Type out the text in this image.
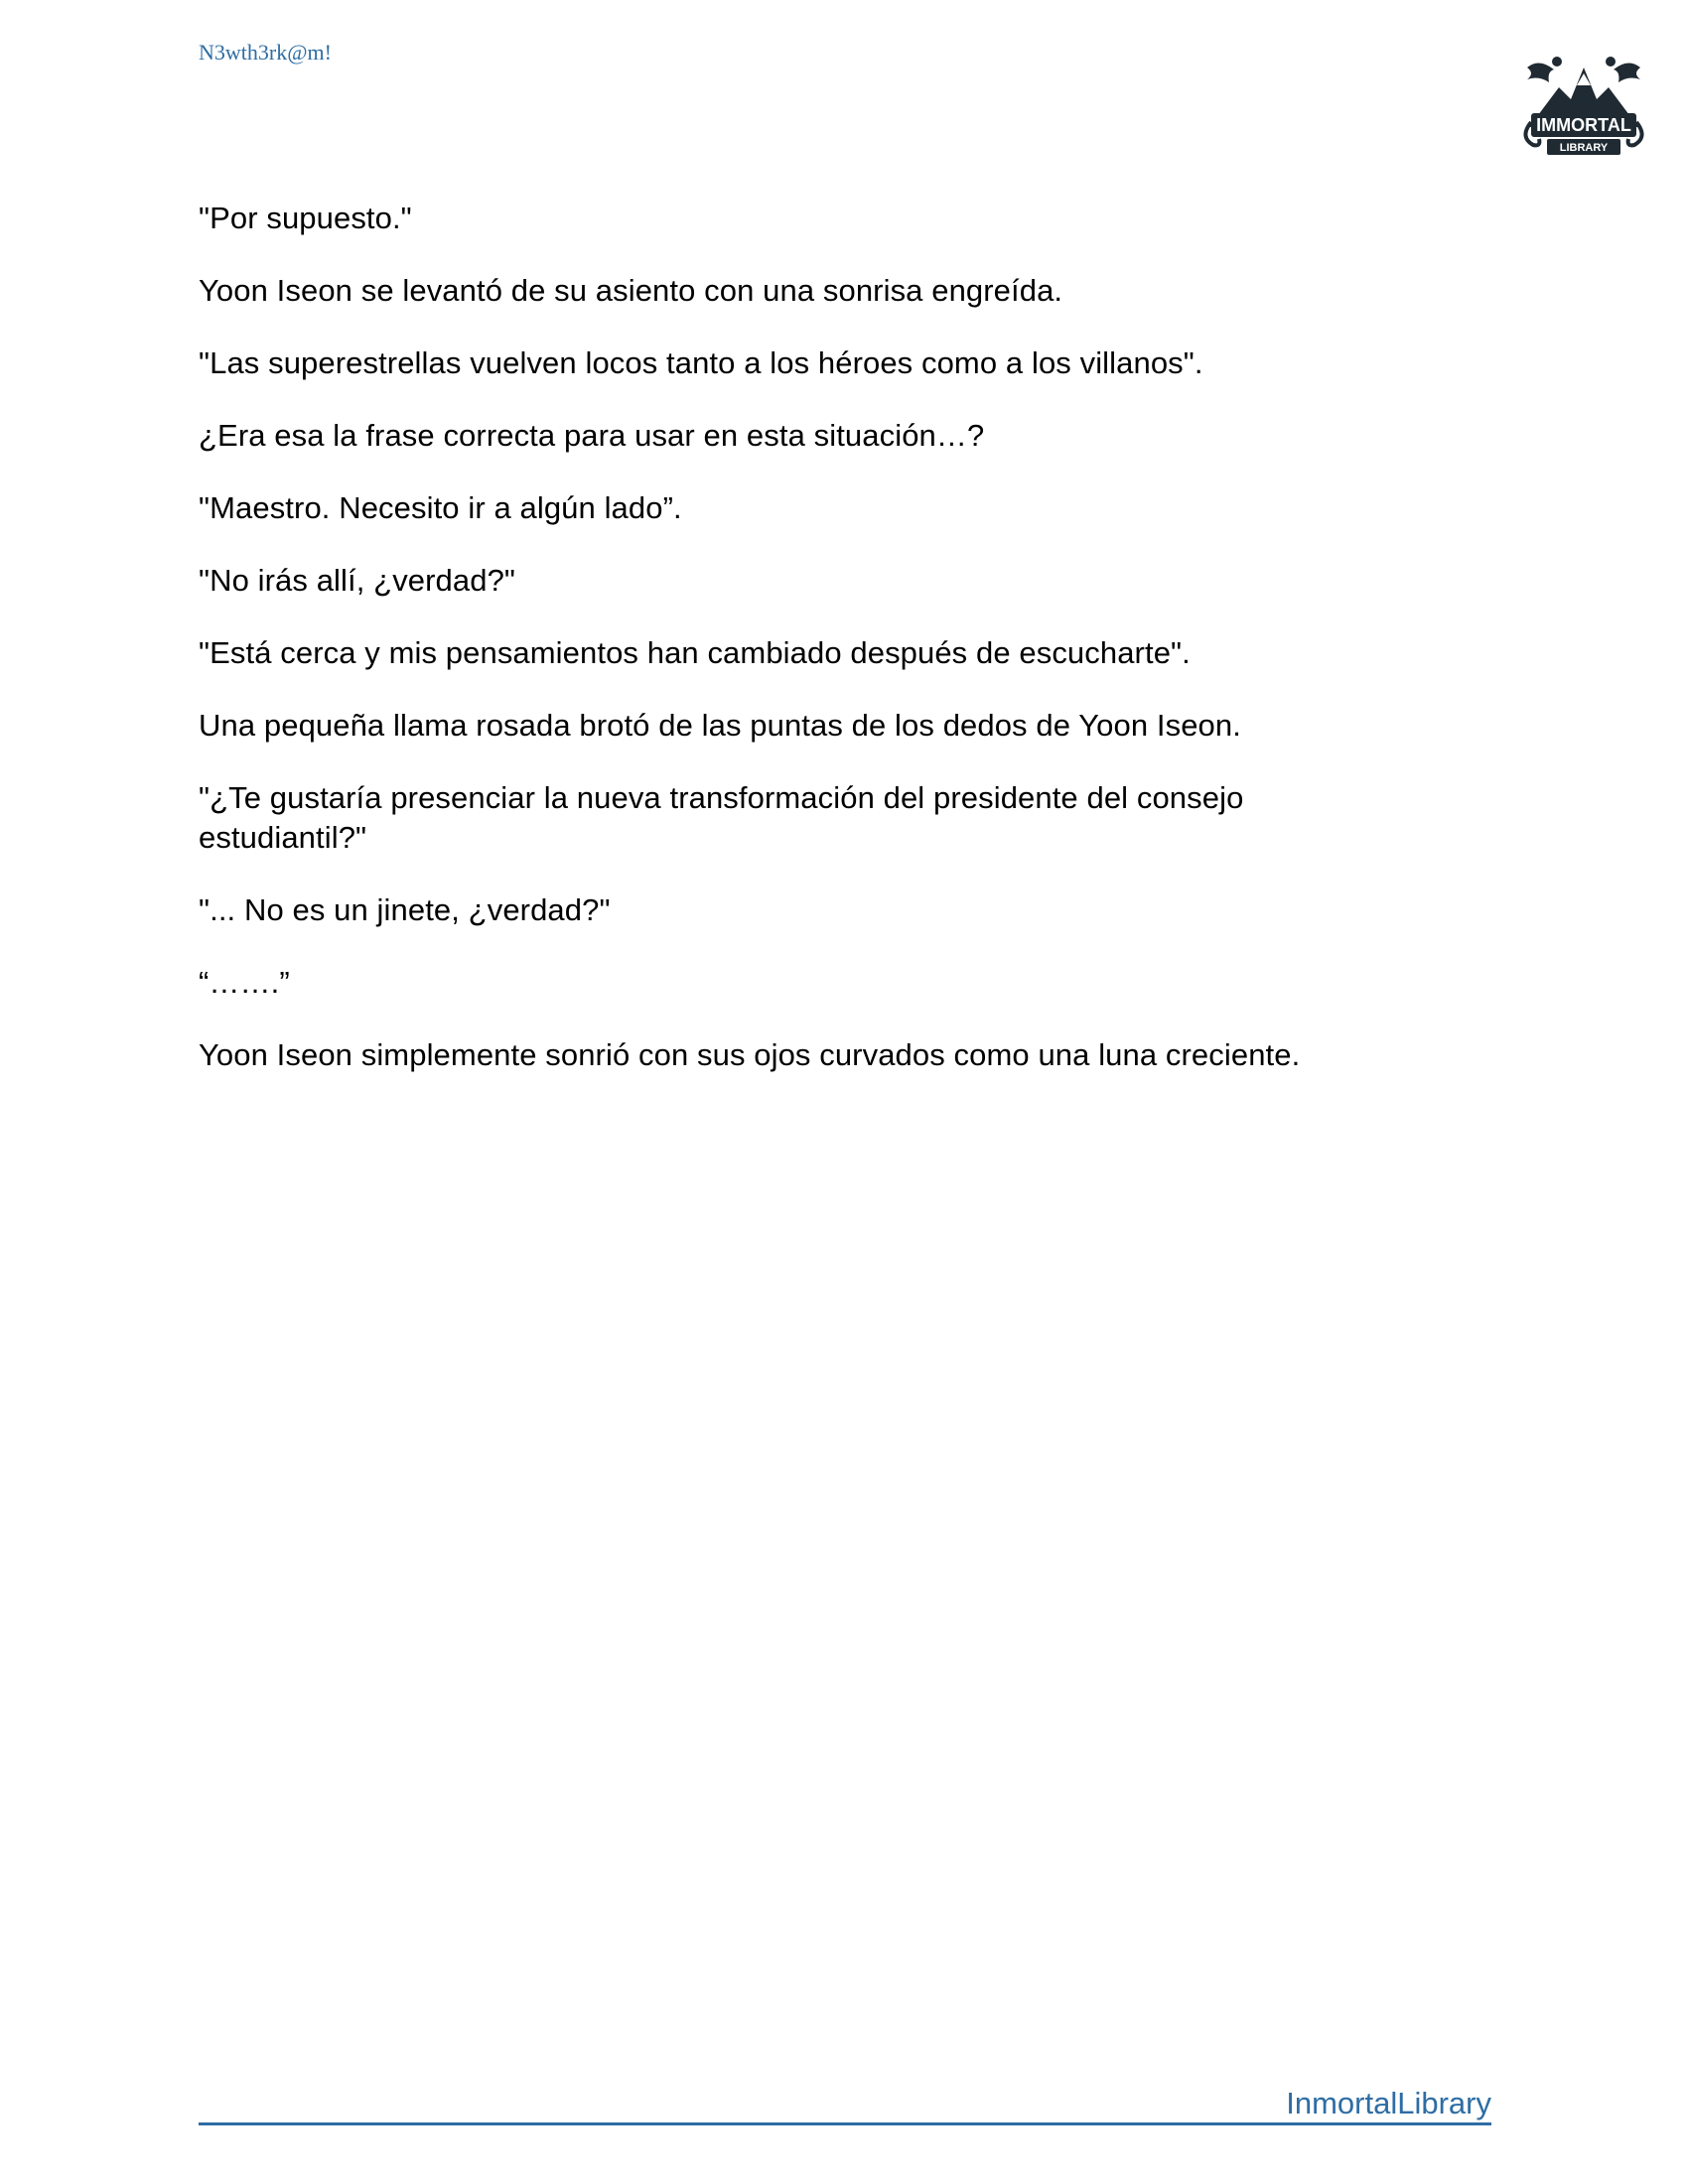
N3wth3rk@m!
IMMORTAL
LIBRARY

"Por supuesto."

Yoon Iseon se levantó de su asiento con una sonrisa engreída.

"Las superestrellas vuelven locos tanto a los héroes como a los villanos".

¿Era esa la frase correcta para usar en esta situación…?

"Maestro. Necesito ir a algún lado”.

"No irás allí, ¿verdad?"

"Está cerca y mis pensamientos han cambiado después de escucharte".

Una pequeña llama rosada brotó de las puntas de los dedos de Yoon Iseon.

"¿Te gustaría presenciar la nueva transformación del presidente del consejo estudiantil?"

"... No es un jinete, ¿verdad?"

“…….”

Yoon Iseon simplemente sonrió con sus ojos curvados como una luna creciente.

InmortalLibrary
